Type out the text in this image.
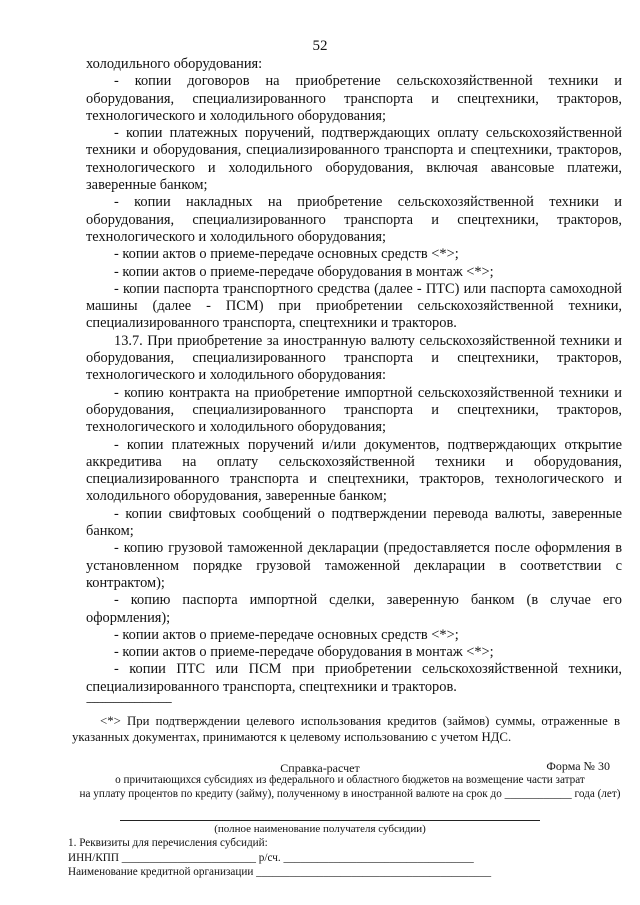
52

холодильного оборудования:

- копии договоров на приобретение сельскохозяйственной техники и оборудования, специализированного транспорта и спецтехники, тракторов, технологического и холодильного оборудования;

- копии платежных поручений, подтверждающих оплату сельскохозяйственной техники и оборудования, специализированного транспорта и спецтехники, тракторов, технологического и холодильного оборудования, включая авансовые платежи, заверенные банком;

- копии накладных на приобретение сельскохозяйственной техники и оборудования, специализированного транспорта и спецтехники, тракторов, технологического и холодильного оборудования;

- копии актов о приеме-передаче основных средств <*>;

- копии актов о приеме-передаче оборудования в монтаж <*>;

- копии паспорта транспортного средства (далее - ПТС) или паспорта самоходной машины (далее - ПСМ) при приобретении сельскохозяйственной техники, специализированного транспорта, спецтехники и тракторов.

13.7. При приобретение за иностранную валюту сельскохозяйственной техники и оборудования, специализированного транспорта и спецтехники, тракторов, технологического и холодильного оборудования:

- копию контракта на приобретение импортной сельскохозяйственной техники и оборудования, специализированного транспорта и спецтехники, тракторов, технологического и холодильного оборудования;

- копии платежных поручений и/или документов, подтверждающих открытие аккредитива на оплату сельскохозяйственной техники и оборудования, специализированного транспорта и спецтехники, тракторов, технологического и холодильного оборудования, заверенные банком;

- копии свифтовых сообщений о подтверждении перевода валюты, заверенные банком;

- копию грузовой таможенной декларации (предоставляется после оформления в установленном порядке грузовой таможенной декларации в соответствии с контрактом);

- копию паспорта импортной сделки, заверенную банком (в случае его оформления);

- копии актов о приеме-передаче основных средств <*>;

- копии актов о приеме-передаче оборудования в монтаж <*>;

- копии ПТС или ПСМ при приобретении сельскохозяйственной техники, специализированного транспорта, спецтехники и тракторов.

--------------------------------

<*> При подтверждении целевого использования кредитов (займов) суммы, отраженные в указанных документах, принимаются к целевому использованию с учетом НДС.

Справка-расчет	Форма № 30
о причитающихся субсидиях из федерального и областного бюджетов на возмещение части затрат
на уплату процентов по кредиту (займу), полученному в иностранной валюте на срок до ____________ года (лет)
(полное наименование получателя субсидии)
1. Реквизиты для перечисления субсидий:
ИНН/КПП ________________________ р/сч. __________________________________
Наименование кредитной организации __________________________________________
